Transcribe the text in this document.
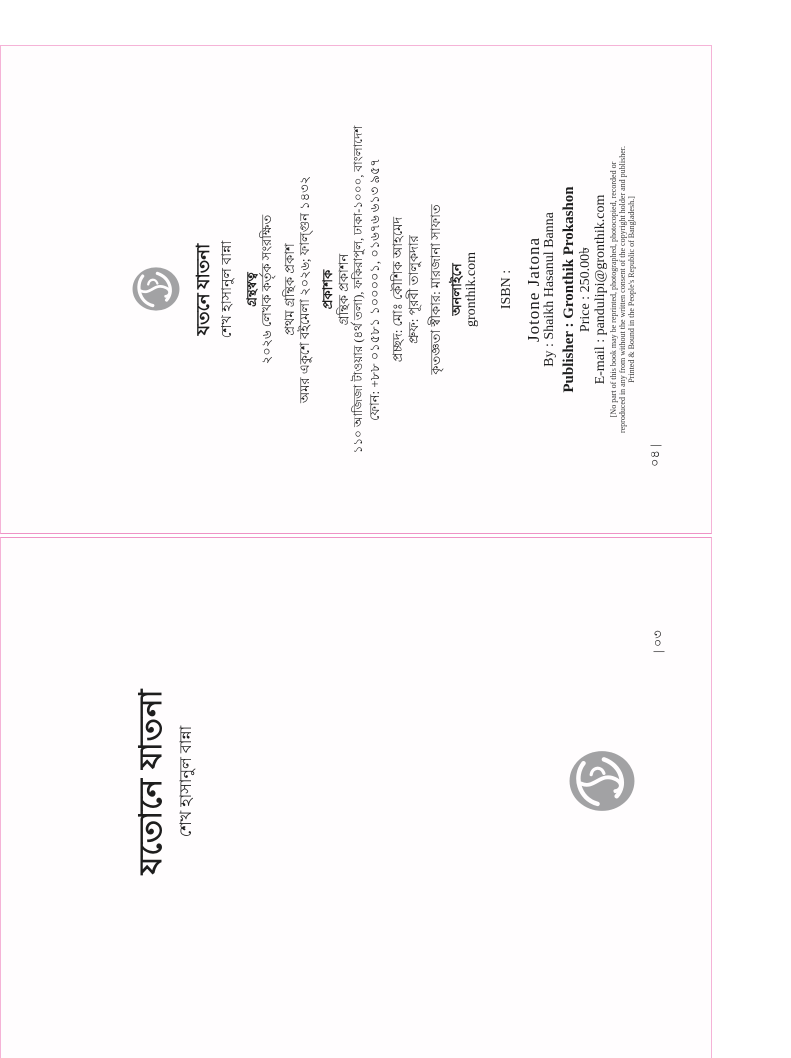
যতনে যাতনা শেখ হাসানুল বান্না গ্রন্থস্বত্ব ২০২৬ লেখক কর্তৃক সংরক্ষিত প্রথম গ্রন্থিক প্রকাশ অমর একুশে বইমেলা ২০২৬; ফাল্গুন ১৪৩২ প্রকাশক গ্রন্থিক প্রকাশন ১১০ আজিজা টাওয়ার (৪র্থ তলা), ফকিরাপুল, ঢাকা-১০০০, বাংলাদেশ ফোন: +৮৮ ০১৫৮১ ১০০০০১, ০১৬৭৬ ৬১৩ ৯৫৭ প্রচ্ছদ: মোঃ কৌশিক আহমেদ প্রুফ: পূরবী তালুকদার কৃতজ্ঞতা স্বীকার: মারজানা সাফাত অনলাইনে gronthik.com ISBN : Jotone Jatona By : Shaikh Hasanul Banna Publisher : Gronthik Prokashon Price : 250.00৳ E-mail : pandulipi@gronthik.com [No part of this book may be reprinted, photographed, photocopied, recorded or reproduced in any from without the written consent of the copyright holder and publisher. Printed & Bound in the People's Republic of Bangladesh.]
০৪ |
যতোনে যাতনা শেখ হাসানুল বান্না
| ০৩
